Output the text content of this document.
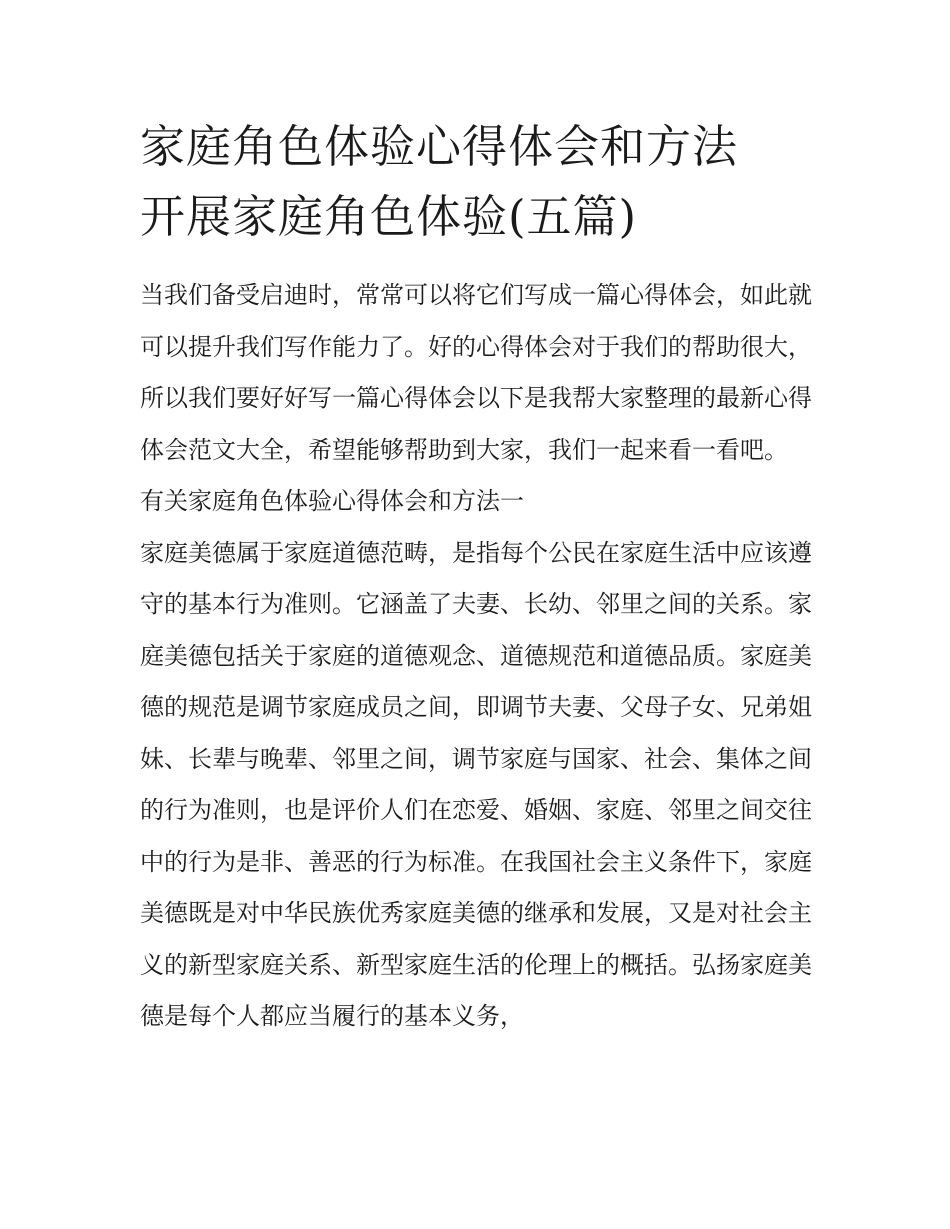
家庭角色体验心得体会和方法
开展家庭角色体验(五篇)

当我们备受启迪时，常常可以将它们写成一篇心得体会，如此就可以提升我们写作能力了。好的心得体会对于我们的帮助很大，所以我们要好好写一篇心得体会以下是我帮大家整理的最新心得体会范文大全，希望能够帮助到大家，我们一起来看一看吧。

有关家庭角色体验心得体会和方法一

家庭美德属于家庭道德范畴，是指每个公民在家庭生活中应该遵守的基本行为准则。它涵盖了夫妻、长幼、邻里之间的关系。家庭美德包括关于家庭的道德观念、道德规范和道德品质。家庭美德的规范是调节家庭成员之间，即调节夫妻、父母子女、兄弟姐妹、长辈与晚辈、邻里之间，调节家庭与国家、社会、集体之间的行为准则，也是评价人们在恋爱、婚姻、家庭、邻里之间交往中的行为是非、善恶的行为标准。在我国社会主义条件下，家庭美德既是对中华民族优秀家庭美德的继承和发展，又是对社会主义的新型家庭关系、新型家庭生活的伦理上的概括。弘扬家庭美德是每个人都应当履行的基本义务，
